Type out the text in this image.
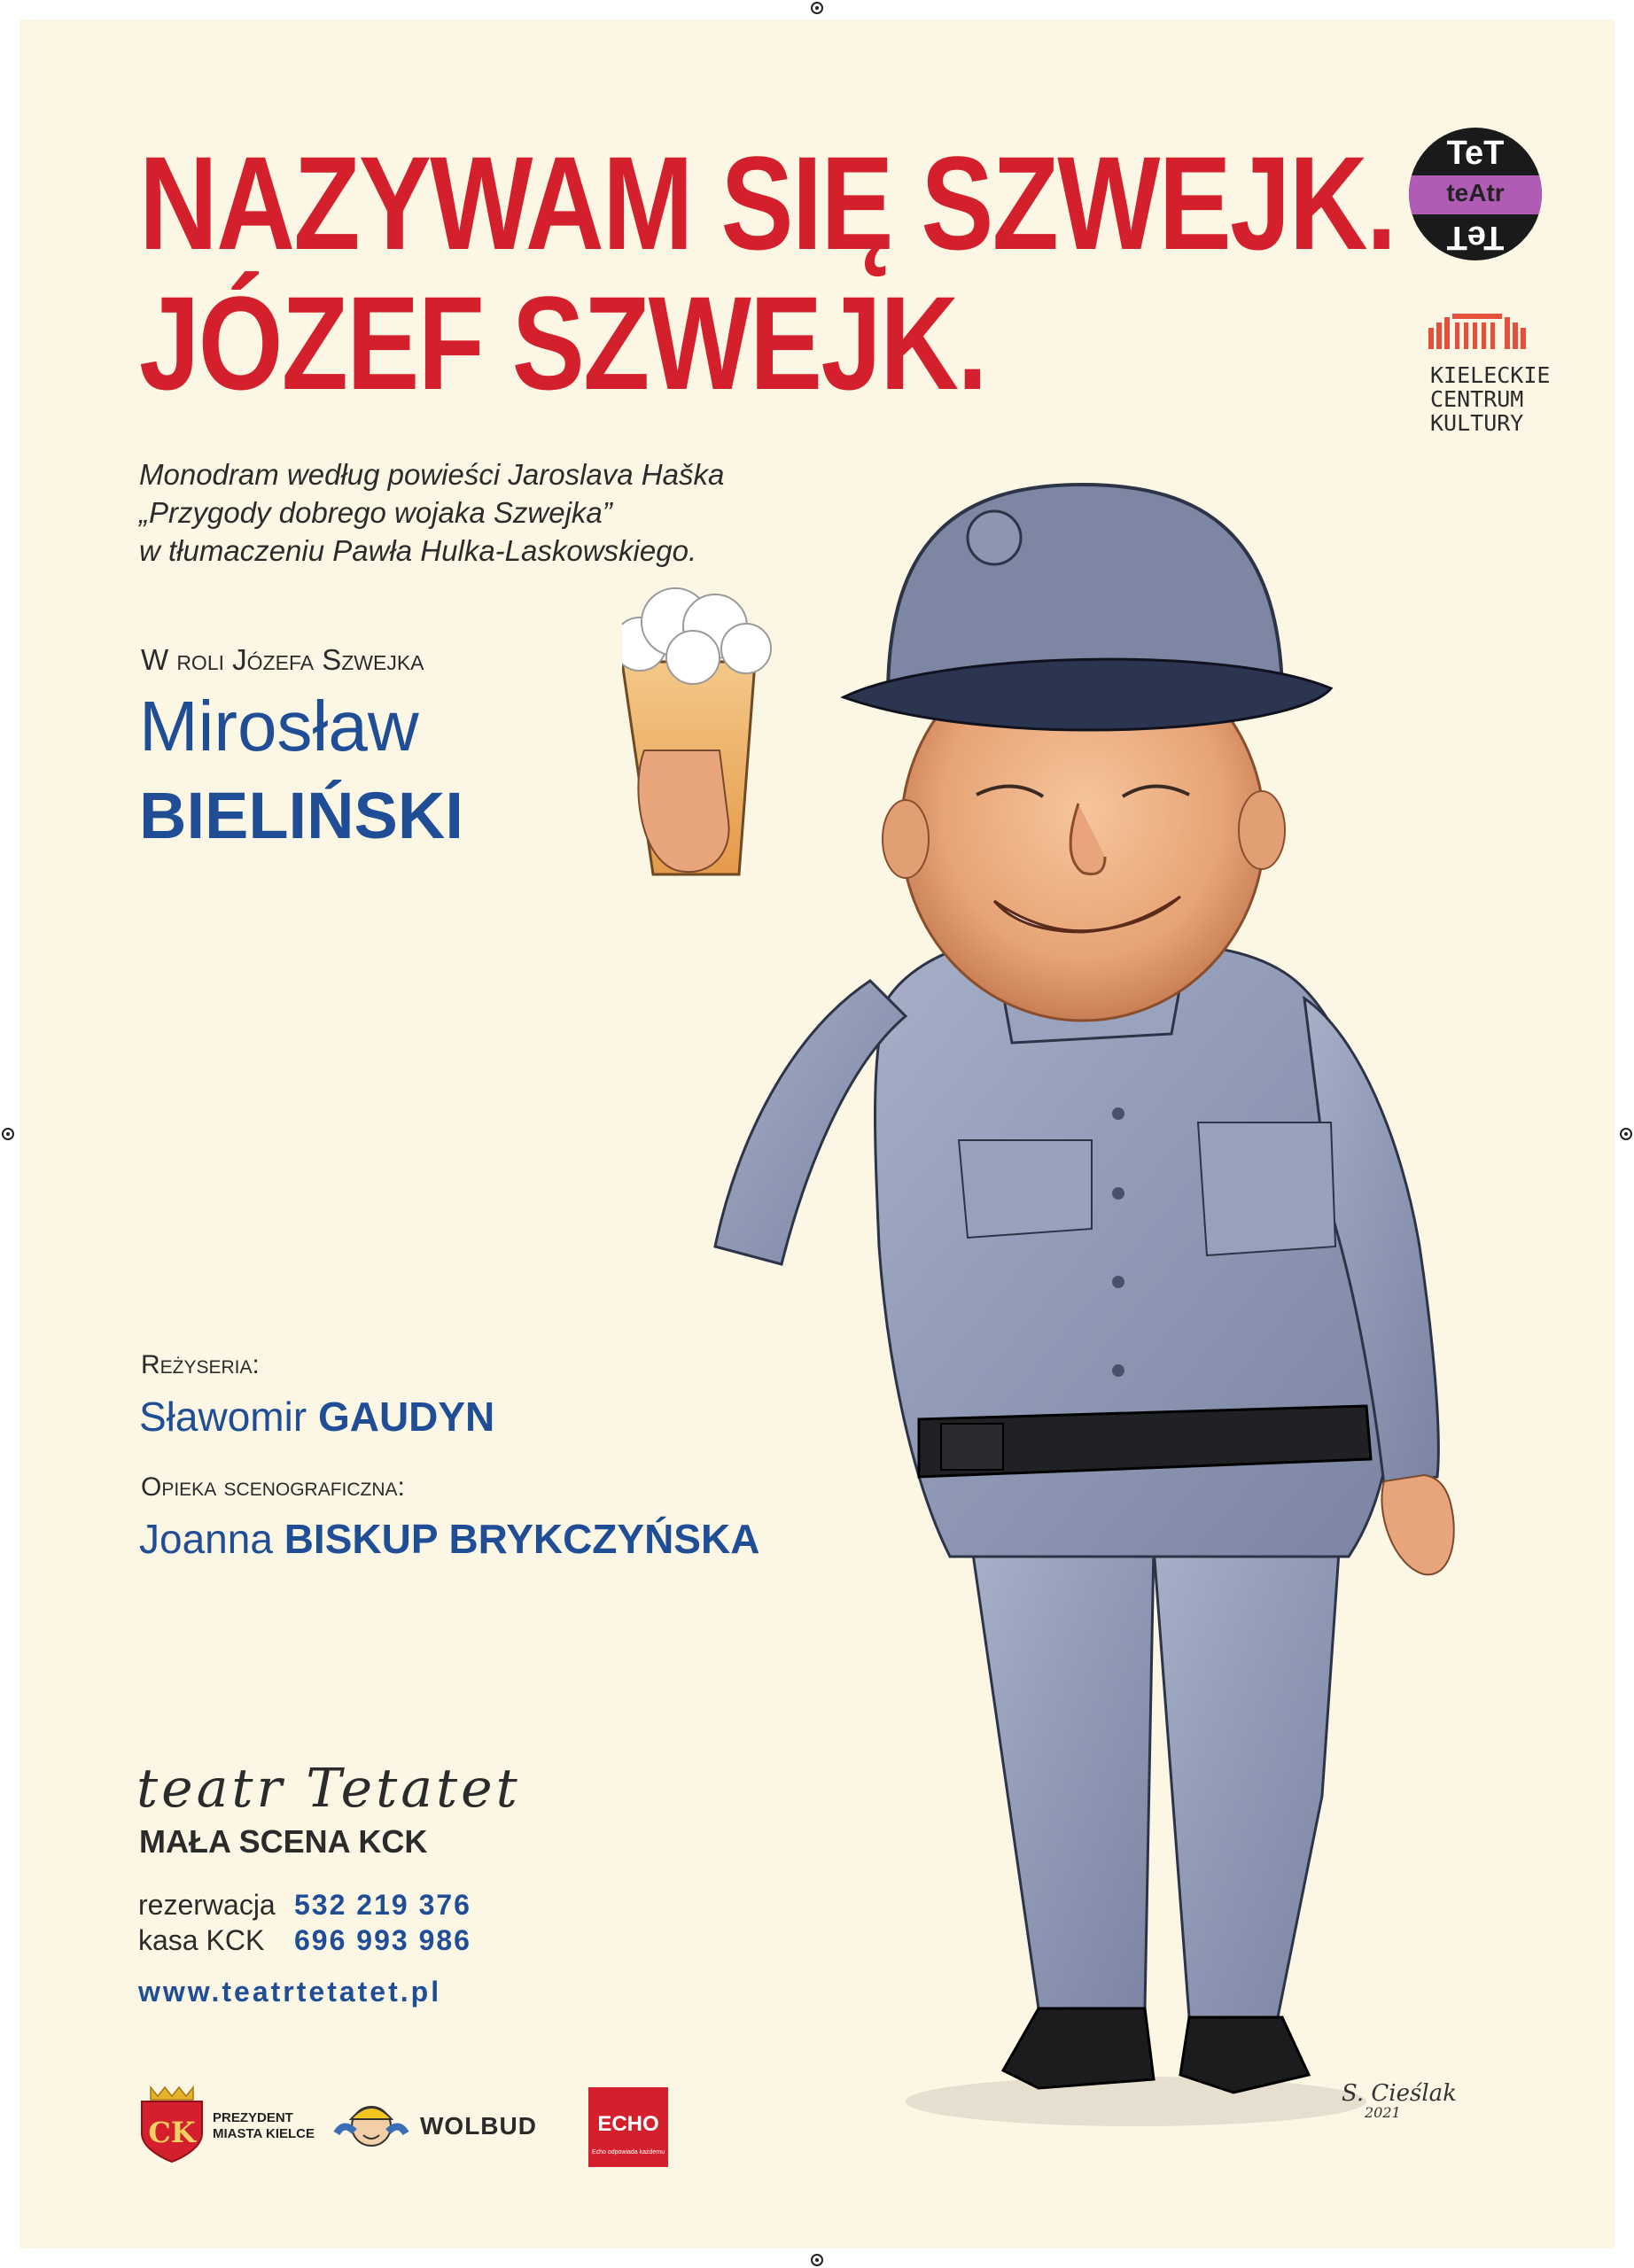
NAZYWAM SIĘ SZWEJK.
JÓZEF SZWEJK.
Monodram według powieści Jaroslava Haška
„Przygody dobrego wojaka Szwejka”
w tłumaczeniu Pawła Hulka-Laskowskiego.
W roli Józefa Szwejka
Mirosław
BIELIŃSKI
Reżyseria:
Sławomir GAUDYN
Opieka scenograficzna:
Joanna BISKUP BRYKCZYŃSKA
teatr Tetatet
MAŁA SCENA KCK
rezerwacja 532 219 376
kasa KCK 696 993 986
www.teatrtetatet.pl
TeT
teAtr
TeT
KIELECKIE
CENTRUM
KULTURY
CK PREZYDENT
MIASTA KIELCE	WOLBUD	ECHO
Echo odpowiada każdemu
S. Cieślak
2021
